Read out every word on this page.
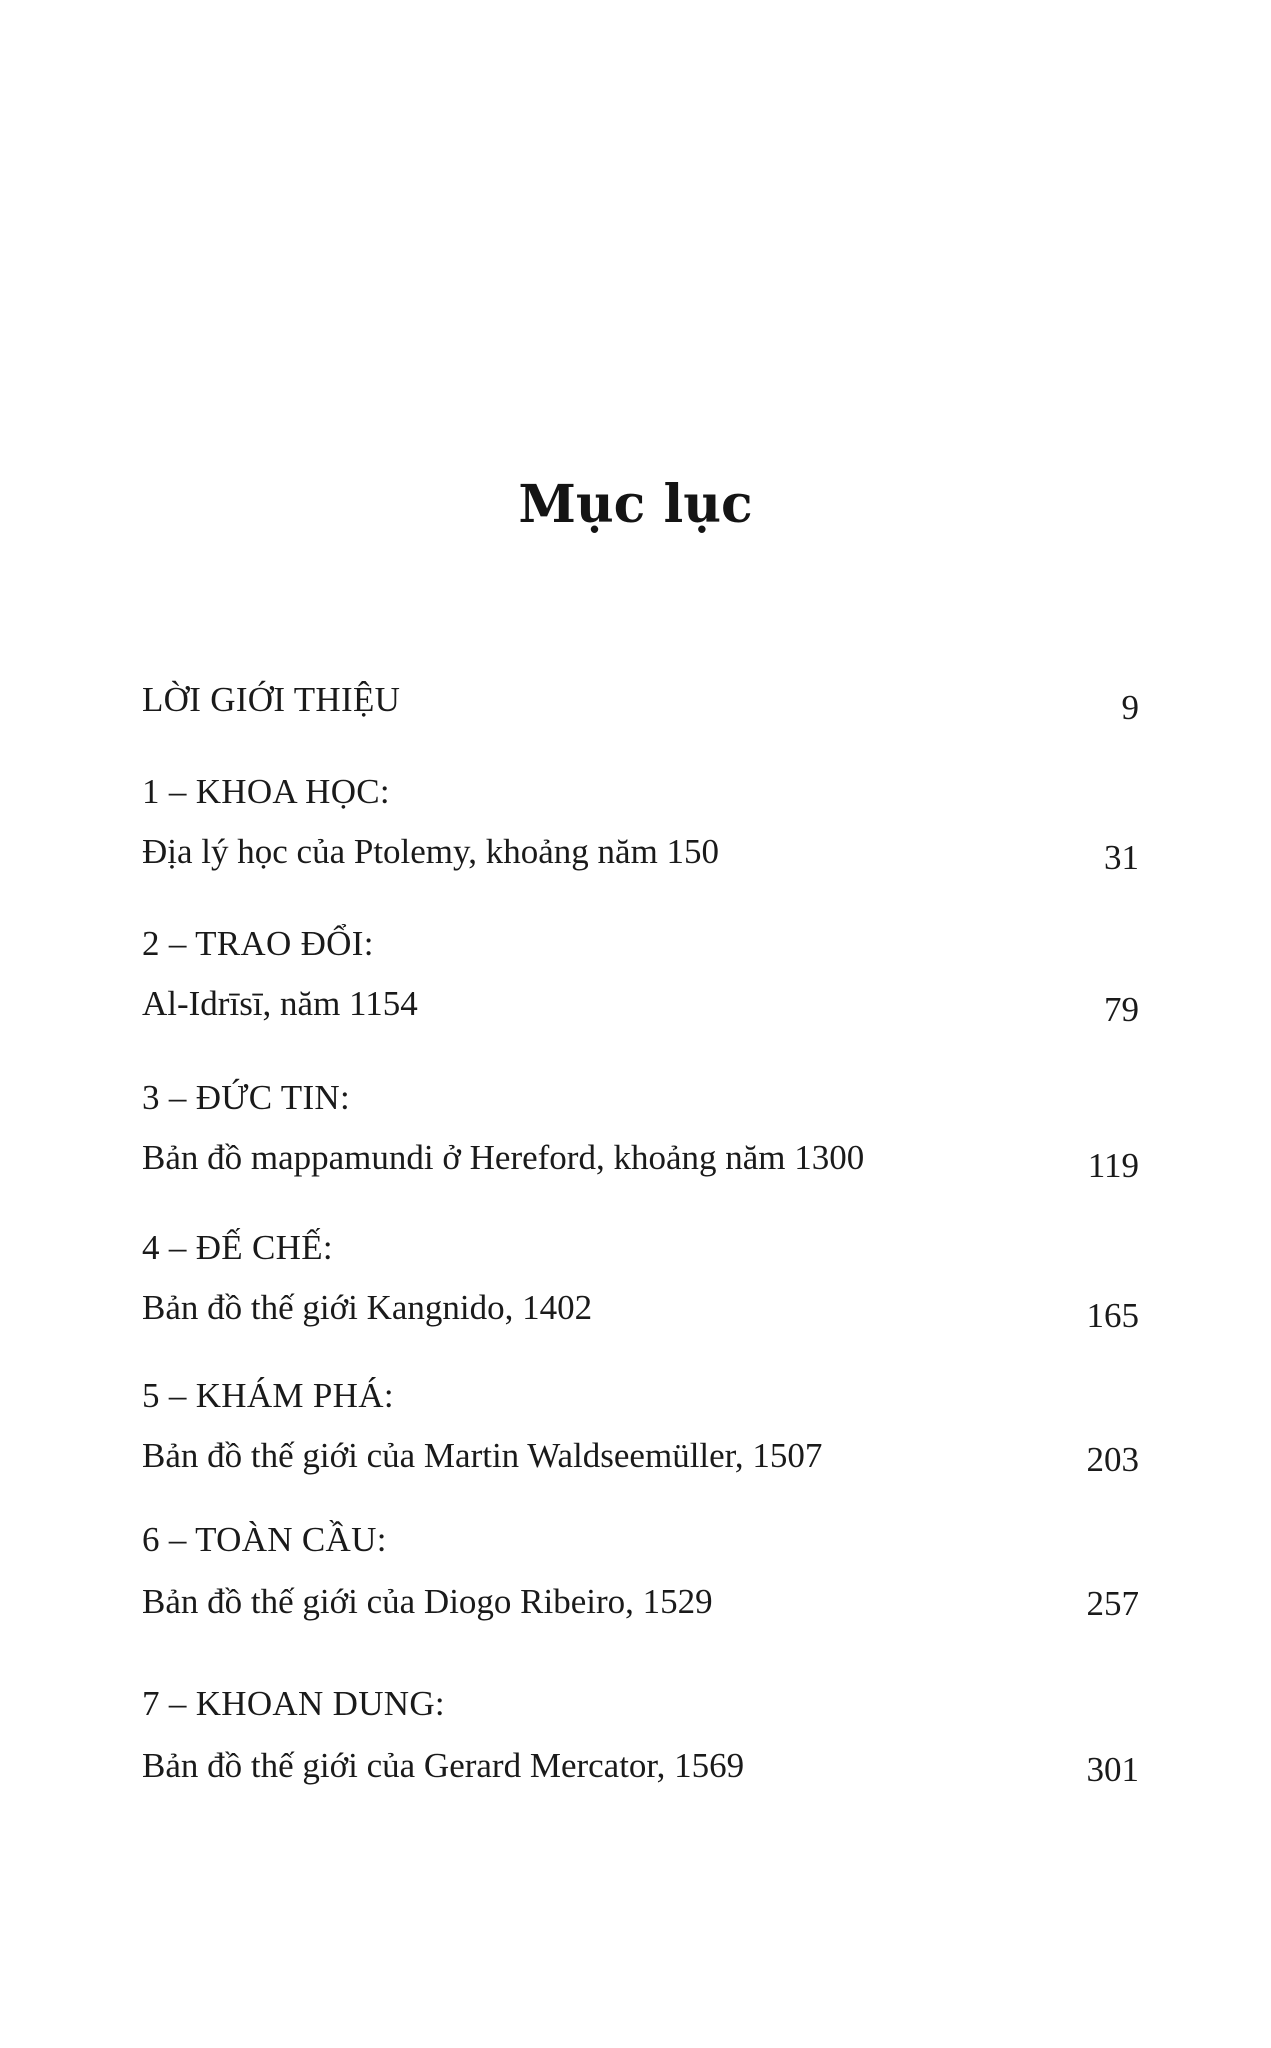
Mục lục
LỜI GIỚI THIỆU	9
1 – KHOA HỌC:
Địa lý học của Ptolemy, khoảng năm 150	31
2 – TRAO ĐỔI:
Al-Idrīsī, năm 1154	79
3 – ĐỨC TIN:
Bản đồ mappamundi ở Hereford, khoảng năm 1300	119
4 – ĐẾ CHẾ:
Bản đồ thế giới Kangnido, 1402	165
5 – KHÁM PHÁ:
Bản đồ thế giới của Martin Waldseemüller, 1507	203
6 – TOÀN CẦU:
Bản đồ thế giới của Diogo Ribeiro, 1529	257
7 – KHOAN DUNG:
Bản đồ thế giới của Gerard Mercator, 1569	301
